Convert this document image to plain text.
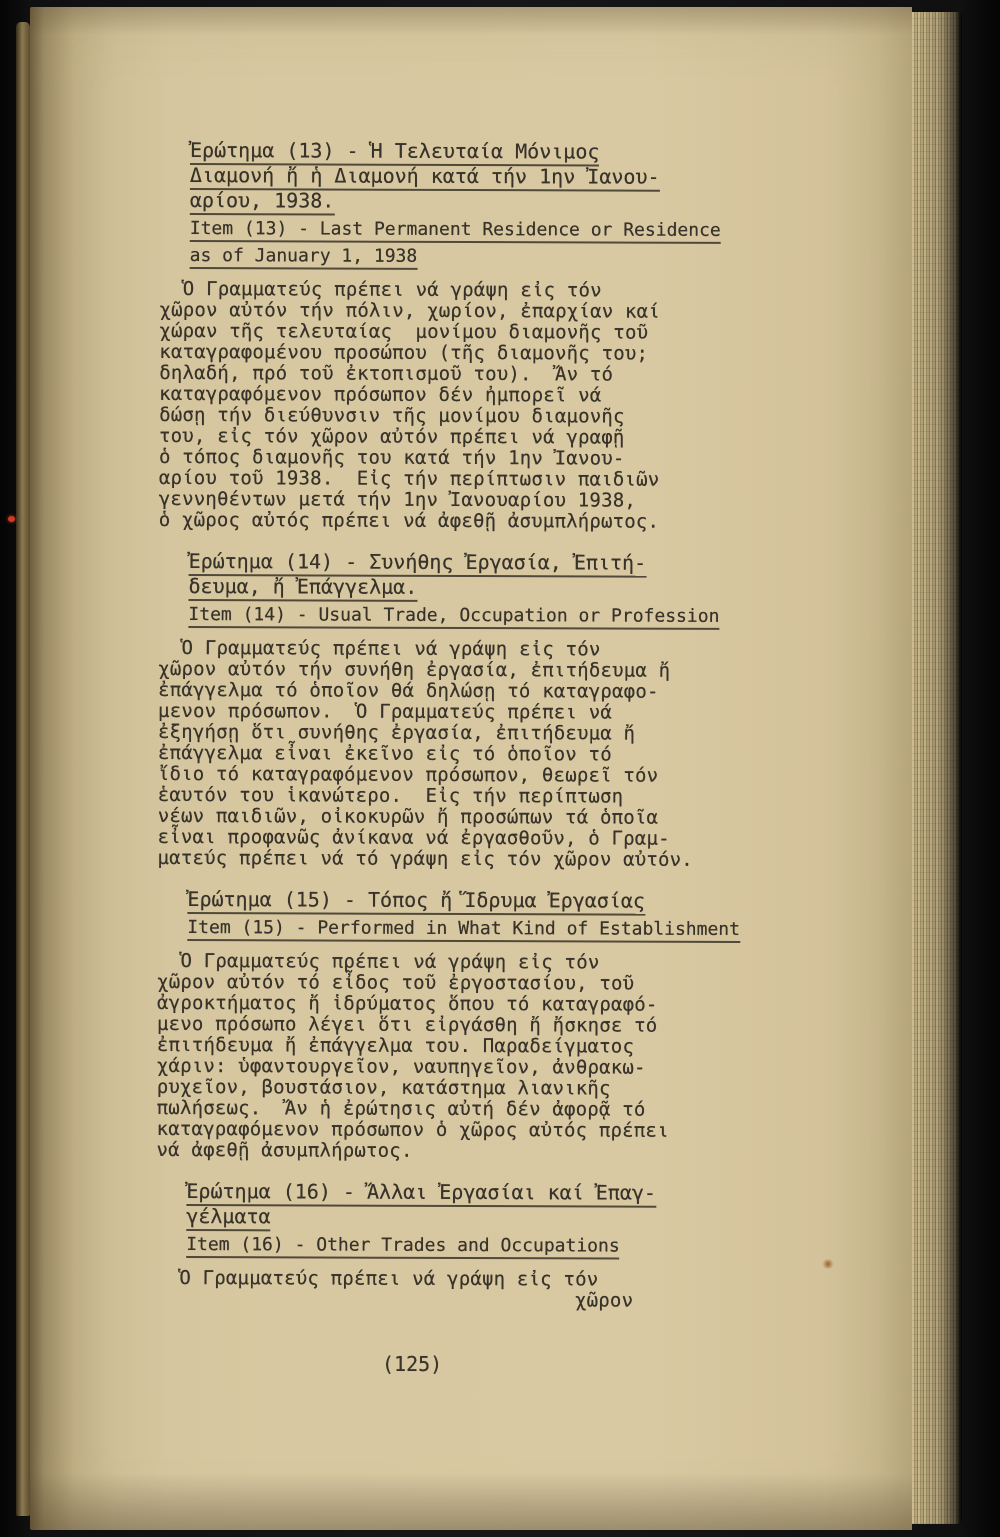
Ἐρώτημα (13) - Ἡ Τελευταία Μόνιμος
Διαμονή ἤ ἡ Διαμονή κατά τήν 1ην Ἰανου-
αρίου, 1938.
Item (13) - Last Permanent Residence or Residence
as of January 1, 1938
Ὁ Γραμματεύς πρέπει νά γράψη εἰς τόν
χῶρον αὐτόν τήν πόλιν, χωρίον, ἐπαρχίαν καί
χώραν τῆς τελευταίας  μονίμου διαμονῆς τοῦ
καταγραφομένου προσώπου (τῆς διαμονῆς του;
δηλαδή, πρό τοῦ ἐκτοπισμοῦ του).  Ἄν τό
καταγραφόμενον πρόσωπον δέν ἠμπορεῖ νά
δώσῃ τήν διεύθυνσιν τῆς μονίμου διαμονῆς
του, εἰς τόν χῶρον αὐτόν πρέπει νά γραφῇ
ὁ τόπος διαμονῆς του κατά τήν 1ην Ἰανου-
αρίου τοῦ 1938.  Εἰς τήν περίπτωσιν παιδιῶν
γεννηθέντων μετά τήν 1ην Ἰανουαρίου 1938,
ὁ χῶρος αὐτός πρέπει νά ἀφεθῇ ἀσυμπλήρωτος.
Ἐρώτημα (14) - Συνήθης Ἐργασία, Ἐπιτή-
δευμα, ἤ Ἐπάγγελμα.
Item (14) - Usual Trade, Occupation or Profession
Ὁ Γραμματεύς πρέπει νά γράψη εἰς τόν
χῶρον αὐτόν τήν συνήθη ἐργασία, ἐπιτήδευμα ἤ
ἐπάγγελμα τό ὁποῖον θά δηλώσῃ τό καταγραφο-
μενον πρόσωπον.  Ὁ Γραμματεύς πρέπει νά
ἐξηγήσῃ ὅτι συνήθης ἐργασία, ἐπιτήδευμα ἤ
ἐπάγγελμα εἶναι ἐκεῖνο εἰς τό ὁποῖον τό
ἴδιο τό καταγραφόμενον πρόσωπον, θεωρεῖ τόν
ἑαυτόν του ἱκανώτερο.  Εἰς τήν περίπτωση
νέων παιδιῶν, οἰκοκυρῶν ἤ προσώπων τά ὁποῖα
εἶναι προφανῶς ἀνίκανα νά ἐργασθοῦν, ὁ Γραμ-
ματεύς πρέπει νά τό γράψη εἰς τόν χῶρον αὐτόν.
Ἐρώτημα (15) - Τόπος ἤ Ἵδρυμα Ἐργασίας
Item (15) - Performed in What Kind of Establishment
Ὁ Γραμματεύς πρέπει νά γράψη εἰς τόν
χῶρον αὐτόν τό εἶδος τοῦ ἐργοστασίου, τοῦ
ἀγροκτήματος ἤ ἱδρύματος ὅπου τό καταγραφό-
μενο πρόσωπο λέγει ὅτι εἰργάσθη ἤ ἤσκησε τό
ἐπιτήδευμα ἤ ἐπάγγελμα του. Παραδείγματος
χάριν: ὑφαντουργεῖον, ναυπηγεῖον, ἀνθρακω-
ρυχεῖον, βουστάσιον, κατάστημα λιανικῆς
πωλήσεως.  Ἄν ἡ ἐρώτησις αὐτή δέν ἀφορᾷ τό
καταγραφόμενον πρόσωπον ὁ χῶρος αὐτός πρέπει
νά ἀφεθῇ ἀσυμπλήρωτος.
Ἐρώτημα (16) - Ἄλλαι Ἐργασίαι καί Ἐπαγ-
γέλματα
Item (16) - Other Trades and Occupations
Ὁ Γραμματεύς πρέπει νά γράψη εἰς τόν
χῶρον
(125)
